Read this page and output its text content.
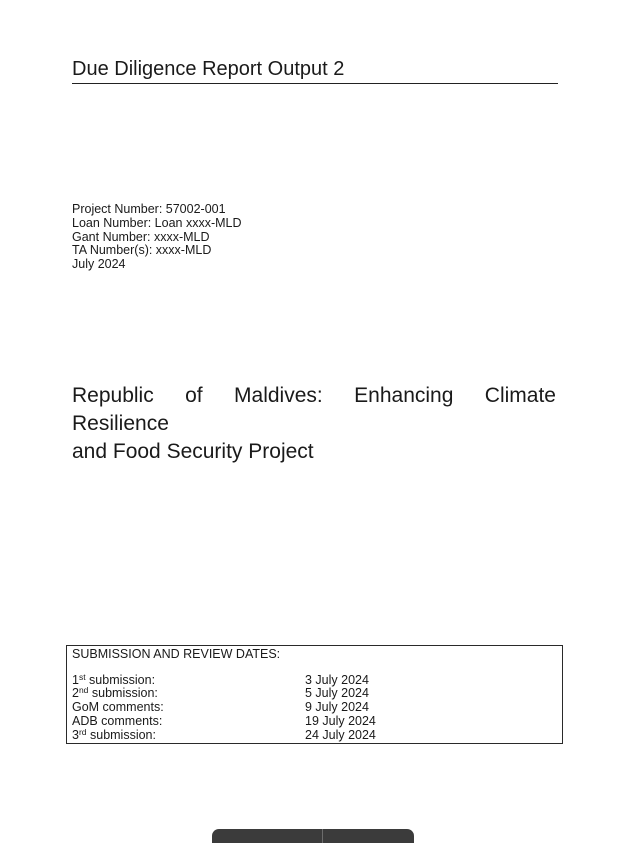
Due Diligence Report Output 2
Project Number: 57002-001
Loan Number: Loan xxxx-MLD
Gant Number: xxxx-MLD
TA Number(s): xxxx-MLD
July 2024
Republic of Maldives: Enhancing Climate Resilience
and Food Security Project
SUBMISSION AND REVIEW DATES:
1st submission:	3 July 2024
2nd submission:	5 July 2024
GoM comments:	9 July 2024
ADB comments:	19 July 2024
3rd submission:	24 July 2024
